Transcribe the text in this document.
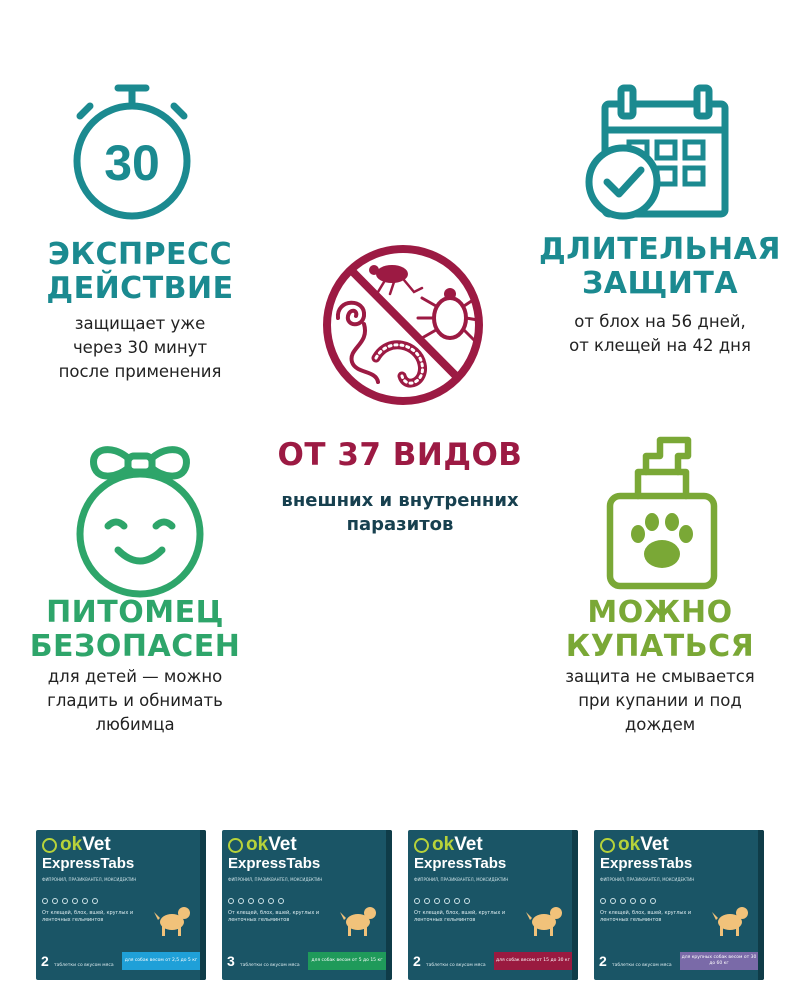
30
ЭКСПРЕСС
ДЕЙСТВИЕ
защищает уже
через 30 минут
после применения
ДЛИТЕЛЬНАЯ
ЗАЩИТА
от блох на 56 дней,
от клещей на 42 дня
ОТ 37 ВИДОВ
внешних и внутренних
паразитов
ПИТОМЕЦ
БЕЗОПАСЕН
для детей — можно
гладить и обнимать
любимца
МОЖНО
КУПАТЬСЯ
защита не смывается
при купании и под
дождем
okVet
ExpressTabs
ФИПРОНИЛ, ПРАЗИКВАНТЕЛ, МОКСИДЕКТИН
От клещей, блох, вшей, круглых и ленточных гельминтов
2 таблетки со вкусом мяса
для собак весом от 2,5 до 5 кг
okVet
ExpressTabs
ФИПРОНИЛ, ПРАЗИКВАНТЕЛ, МОКСИДЕКТИН
От клещей, блох, вшей, круглых и ленточных гельминтов
3 таблетки со вкусом мяса
для собак весом от 5 до 15 кг
okVet
ExpressTabs
ФИПРОНИЛ, ПРАЗИКВАНТЕЛ, МОКСИДЕКТИН
От клещей, блох, вшей, круглых и ленточных гельминтов
2 таблетки со вкусом мяса
для собак весом от 15 до 30 кг
okVet
ExpressTabs
ФИПРОНИЛ, ПРАЗИКВАНТЕЛ, МОКСИДЕКТИН
От клещей, блох, вшей, круглых и ленточных гельминтов
2 таблетки со вкусом мяса
для крупных собак весом от 30 до 60 кг
